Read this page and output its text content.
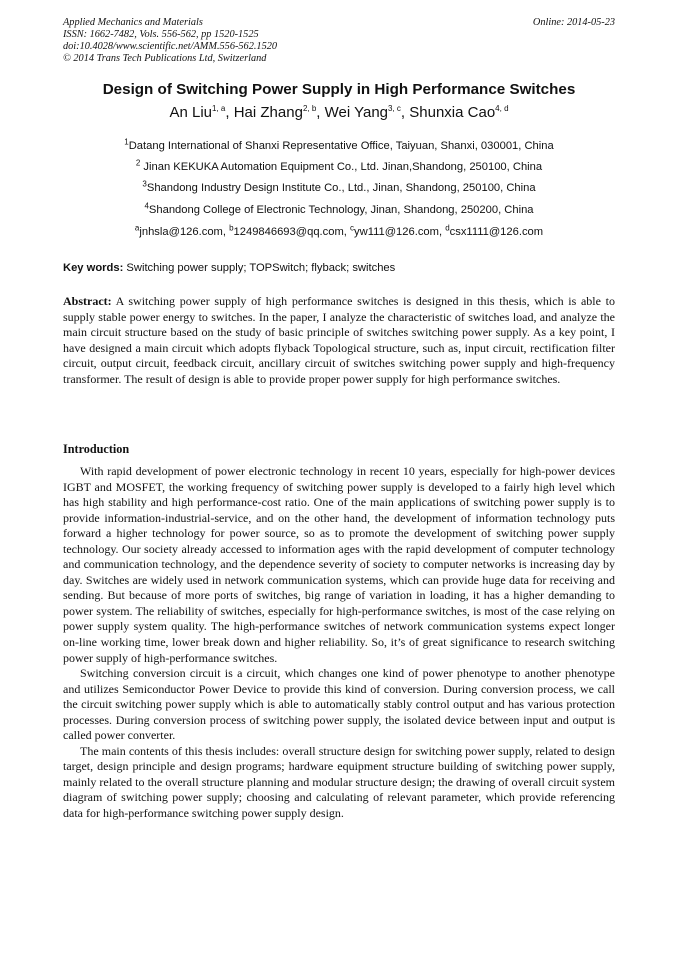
Applied Mechanics and Materials
ISSN: 1662-7482, Vols. 556-562, pp 1520-1525
doi:10.4028/www.scientific.net/AMM.556-562.1520
© 2014 Trans Tech Publications Ltd, Switzerland
Online: 2014-05-23
Design of Switching Power Supply in High Performance Switches
An Liu$^{1, a}$, Hai Zhang$^{2, b}$, Wei Yang$^{3, c}$, Shunxia Cao$^{4, d}$
$^1$Datang International of Shanxi Representative Office, Taiyuan, Shanxi, 030001, China
$^2$ Jinan KEKUKA Automation Equipment Co., Ltd. Jinan,Shandong, 250100, China
$^3$Shandong Industry Design Institute Co., Ltd., Jinan, Shandong, 250100, China
$^4$Shandong College of Electronic Technology, Jinan, Shandong, 250200, China
$^a$jnhsla@126.com, $^b$1249846693@qq.com, $^c$yw111@126.com, $^d$csx1111@126.com
Key words: Switching power supply; TOPSwitch; flyback; switches
Abstract: A switching power supply of high performance switches is designed in this thesis, which is able to supply stable power energy to switches. In the paper, I analyze the characteristic of switches load, and analyze the main circuit structure based on the study of basic principle of switches switching power supply. As a key point, I have designed a main circuit which adopts flyback Topological structure, such as, input circuit, rectification filter circuit, output circuit, feedback circuit, ancillary circuit of switches switching power supply and high-frequency transformer. The result of design is able to provide proper power supply for high performance switches.
Introduction

With rapid development of power electronic technology in recent 10 years, especially for high-power devices IGBT and MOSFET, the working frequency of switching power supply is developed to a fairly high level which has high stability and high performance-cost ratio. One of the main applications of switching power supply is to provide information-industrial-service, and on the other hand, the development of information technology puts forward a higher technology for power source, so as to promote the development of switching power supply technology. Our society already accessed to information ages with the rapid development of computer technology and communication technology, and the dependence severity of society to computer networks is increasing day by day. Switches are widely used in network communication systems, which can provide huge data for receiving and sending. But because of more ports of switches, big range of variation in loading, it has a higher demanding to power system. The reliability of switches, especially for high-performance switches, is most of the case relying on power supply system quality. The high-performance switches of network communication systems expect longer on-line working time, lower break down and higher reliability. So, it’s of great significance to research switching power supply of high-performance switches.

Switching conversion circuit is a circuit, which changes one kind of power phenotype to another phenotype and utilizes Semiconductor Power Device to provide this kind of conversion. During conversion process, we call the circuit switching power supply which is able to automatically stably control output and has various protection processes. During conversion process of switching power supply, the isolated device between input and output is called power converter.

The main contents of this thesis includes: overall structure design for switching power supply, related to design target, design principle and design programs; hardware equipment structure building of switching power supply, mainly related to the overall structure planning and modular structure design; the drawing of overall circuit system diagram of switching power supply; choosing and calculating of relevant parameter, which provide referencing data for high-performance switching power supply design.
